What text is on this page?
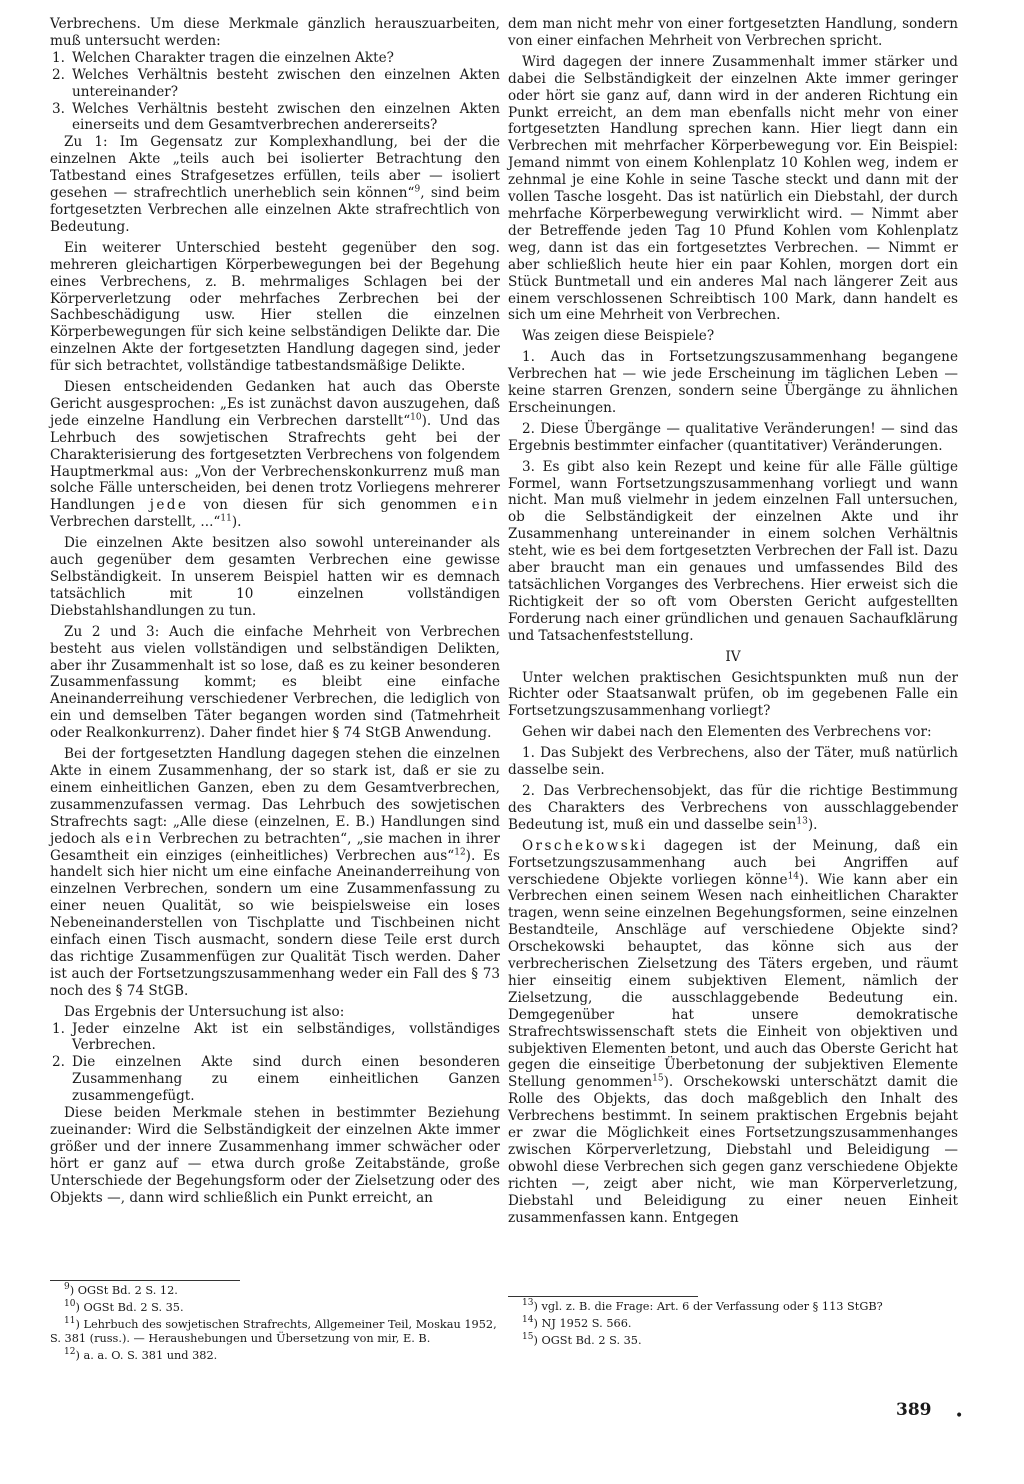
Verbrechens. Um diese Merkmale gänzlich herauszuarbeiten, muß untersucht werden:

1. Welchen Charakter tragen die einzelnen Akte?
2. Welches Verhältnis besteht zwischen den einzelnen Akten untereinander?
3. Welches Verhältnis besteht zwischen den einzelnen Akten einerseits und dem Gesamtverbrechen andererseits?

Zu 1: Im Gegensatz zur Komplexhandlung, bei der die einzelnen Akte „teils auch bei isolierter Betrachtung den Tatbestand eines Strafgesetzes erfüllen, teils aber — isoliert gesehen — strafrechtlich unerheblich sein können“$^9$, sind beim fortgesetzten Verbrechen alle einzelnen Akte strafrechtlich von Bedeutung.

Ein weiterer Unterschied besteht gegenüber den sog. mehreren gleichartigen Körperbewegungen bei der Begehung eines Verbrechens, z. B. mehrmaliges Schlagen bei der Körperverletzung oder mehrfaches Zerbrechen bei der Sachbeschädigung usw. Hier stellen die einzelnen Körperbewegungen für sich keine selbständigen Delikte dar. Die einzelnen Akte der fortgesetzten Handlung dagegen sind, jeder für sich betrachtet, vollständige tatbestandsmäßige Delikte.

Diesen entscheidenden Gedanken hat auch das Oberste Gericht ausgesprochen: „Es ist zunächst davon auszugehen, daß jede einzelne Handlung ein Verbrechen darstellt“$^{10}$). Und das Lehrbuch des sowjetischen Strafrechts geht bei der Charakterisierung des fortgesetzten Verbrechens von folgendem Hauptmerkmal aus: „Von der Verbrechenskonkurrenz muß man solche Fälle unterscheiden, bei denen trotz Vorliegens mehrerer Handlungen jede von diesen für sich genommen ein Verbrechen darstellt, ...“$^{11}$).

Die einzelnen Akte besitzen also sowohl untereinander als auch gegenüber dem gesamten Verbrechen eine gewisse Selbständigkeit. In unserem Beispiel hatten wir es demnach tatsächlich mit 10 einzelnen vollständigen Diebstahlshandlungen zu tun.

Zu 2 und 3: Auch die einfache Mehrheit von Verbrechen besteht aus vielen vollständigen und selbständigen Delikten, aber ihr Zusammenhalt ist so lose, daß es zu keiner besonderen Zusammenfassung kommt; es bleibt eine einfache Aneinanderreihung verschiedener Verbrechen, die lediglich von ein und demselben Täter begangen worden sind (Tatmehrheit oder Realkonkurrenz). Daher findet hier § 74 StGB Anwendung.

Bei der fortgesetzten Handlung dagegen stehen die einzelnen Akte in einem Zusammenhang, der so stark ist, daß er sie zu einem einheitlichen Ganzen, eben zu dem Gesamtverbrechen, zusammenzufassen vermag. Das Lehrbuch des sowjetischen Strafrechts sagt: „Alle diese (einzelnen, E. B.) Handlungen sind jedoch als ein Verbrechen zu betrachten“, „sie machen in ihrer Gesamtheit ein einziges (einheitliches) Verbrechen aus“$^{12}$). Es handelt sich hier nicht um eine einfache Aneinanderreihung von einzelnen Verbrechen, sondern um eine Zusammenfassung zu einer neuen Qualität, so wie beispielsweise ein loses Nebeneinanderstellen von Tischplatte und Tischbeinen nicht einfach einen Tisch ausmacht, sondern diese Teile erst durch das richtige Zusammenfügen zur Qualität Tisch werden. Daher ist auch der Fortsetzungszusammenhang weder ein Fall des § 73 noch des § 74 StGB.

Das Ergebnis der Untersuchung ist also:

1. Jeder einzelne Akt ist ein selbständiges, vollständiges Verbrechen.
2. Die einzelnen Akte sind durch einen besonderen Zusammenhang zu einem einheitlichen Ganzen zusammengefügt.

Diese beiden Merkmale stehen in bestimmter Beziehung zueinander: Wird die Selbständigkeit der einzelnen Akte immer größer und der innere Zusammenhang immer schwächer oder hört er ganz auf — etwa durch große Zeitabstände, große Unterschiede der Begehungsform oder der Zielsetzung oder des Objekts —, dann wird schließlich ein Punkt erreicht, an

dem man nicht mehr von einer fortgesetzten Handlung, sondern von einer einfachen Mehrheit von Verbrechen spricht.

Wird dagegen der innere Zusammenhalt immer stärker und dabei die Selbständigkeit der einzelnen Akte immer geringer oder hört sie ganz auf, dann wird in der anderen Richtung ein Punkt erreicht, an dem man ebenfalls nicht mehr von einer fortgesetzten Handlung sprechen kann. Hier liegt dann ein Verbrechen mit mehrfacher Körperbewegung vor. Ein Beispiel: Jemand nimmt von einem Kohlenplatz 10 Kohlen weg, indem er zehnmal je eine Kohle in seine Tasche steckt und dann mit der vollen Tasche losgeht. Das ist natürlich ein Diebstahl, der durch mehrfache Körperbewegung verwirklicht wird. — Nimmt aber der Betreffende jeden Tag 10 Pfund Kohlen vom Kohlenplatz weg, dann ist das ein fortgesetztes Verbrechen. — Nimmt er aber schließlich heute hier ein paar Kohlen, morgen dort ein Stück Buntmetall und ein anderes Mal nach längerer Zeit aus einem verschlossenen Schreibtisch 100 Mark, dann handelt es sich um eine Mehrheit von Verbrechen.

Was zeigen diese Beispiele?

1. Auch das in Fortsetzungszusammenhang begangene Verbrechen hat — wie jede Erscheinung im täglichen Leben — keine starren Grenzen, sondern seine Übergänge zu ähnlichen Erscheinungen.

2. Diese Übergänge — qualitative Veränderungen! — sind das Ergebnis bestimmter einfacher (quantitativer) Veränderungen.

3. Es gibt also kein Rezept und keine für alle Fälle gültige Formel, wann Fortsetzungszusammenhang vorliegt und wann nicht. Man muß vielmehr in jedem einzelnen Fall untersuchen, ob die Selbständigkeit der einzelnen Akte und ihr Zusammenhang untereinander in einem solchen Verhältnis steht, wie es bei dem fortgesetzten Verbrechen der Fall ist. Dazu aber braucht man ein genaues und umfassendes Bild des tatsächlichen Vorganges des Verbrechens. Hier erweist sich die Richtigkeit der so oft vom Obersten Gericht aufgestellten Forderung nach einer gründlichen und genauen Sachaufklärung und Tatsachenfeststellung.

IV

Unter welchen praktischen Gesichtspunkten muß nun der Richter oder Staatsanwalt prüfen, ob im gegebenen Falle ein Fortsetzungszusammenhang vorliegt?

Gehen wir dabei nach den Elementen des Verbrechens vor:

1. Das Subjekt des Verbrechens, also der Täter, muß natürlich dasselbe sein.

2. Das Verbrechensobjekt, das für die richtige Bestimmung des Charakters des Verbrechens von ausschlaggebender Bedeutung ist, muß ein und dasselbe sein$^{13}$).

Orschekowski dagegen ist der Meinung, daß ein Fortsetzungszusammenhang auch bei Angriffen auf verschiedene Objekte vorliegen könne$^{14}$). Wie kann aber ein Verbrechen einen seinem Wesen nach einheitlichen Charakter tragen, wenn seine einzelnen Begehungsformen, seine einzelnen Bestandteile, Anschläge auf verschiedene Objekte sind? Orschekowski behauptet, das könne sich aus der verbrecherischen Zielsetzung des Täters ergeben, und räumt hier einseitig einem subjektiven Element, nämlich der Zielsetzung, die ausschlaggebende Bedeutung ein. Demgegenüber hat unsere demokratische Strafrechtswissenschaft stets die Einheit von objektiven und subjektiven Elementen betont, und auch das Oberste Gericht hat gegen die einseitige Überbetonung der subjektiven Elemente Stellung genommen$^{15}$). Orschekowski unterschätzt damit die Rolle des Objekts, das doch maßgeblich den Inhalt des Verbrechens bestimmt. In seinem praktischen Ergebnis bejaht er zwar die Möglichkeit eines Fortsetzungszusammenhanges zwischen Körperverletzung, Diebstahl und Beleidigung — obwohl diese Verbrechen sich gegen ganz verschiedene Objekte richten —, zeigt aber nicht, wie man Körperverletzung, Diebstahl und Beleidigung zu einer neuen Einheit zusammenfassen kann. Entgegen

$^9$) OGSt Bd. 2 S. 12.

$^{10}$) OGSt Bd. 2 S. 35.

$^{11}$) Lehrbuch des sowjetischen Strafrechts, Allgemeiner Teil, Moskau 1952, S. 381 (russ.). — Heraushebungen und Übersetzung von mir, E. B.

$^{12}$) a. a. O. S. 381 und 382.

$^{13}$) vgl. z. B. die Frage: Art. 6 der Verfassung oder § 113 StGB?

$^{14}$) NJ 1952 S. 566.

$^{15}$) OGSt Bd. 2 S. 35.

389 •
